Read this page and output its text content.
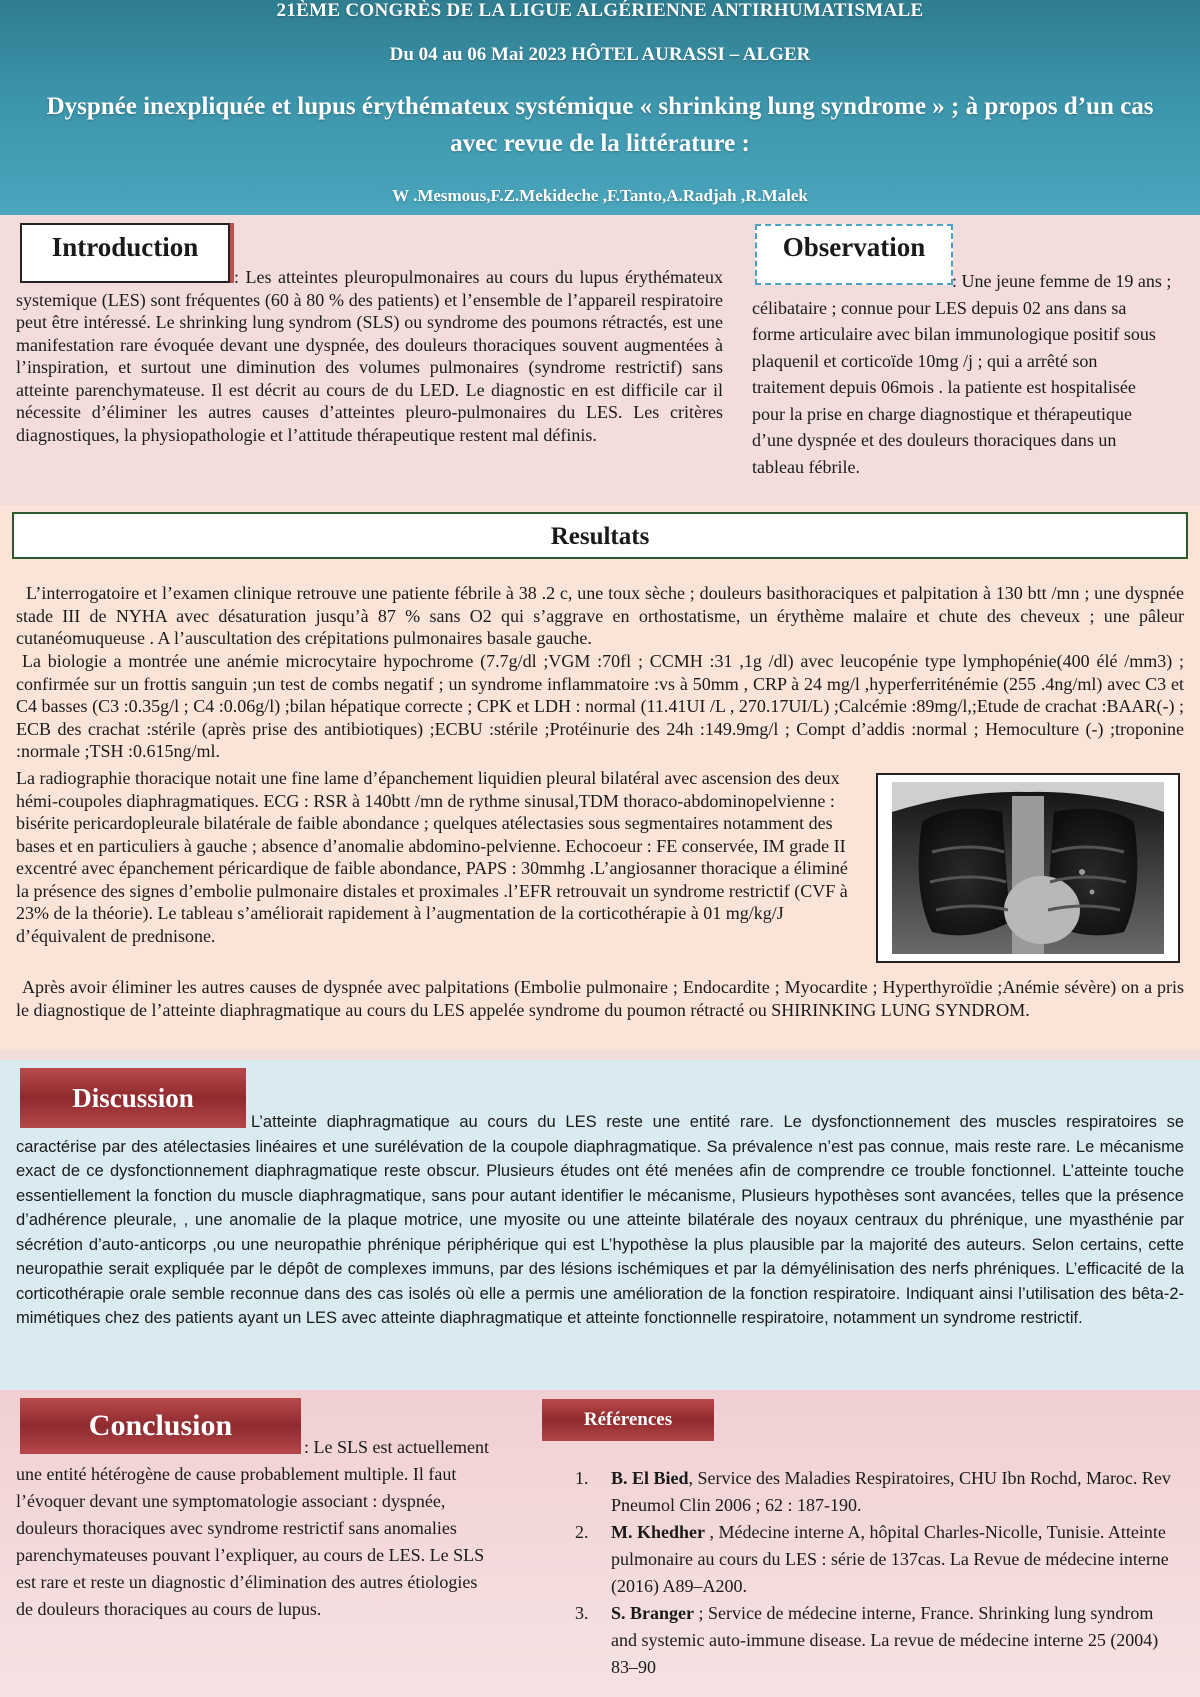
21ÈME CONGRÈS DE LA LIGUE ALGÉRIENNE ANTIRHUMATISMALE
Du 04 au 06 Mai 2023 HÔTEL AURASSI – ALGER
Dyspnée inexpliquée et lupus érythémateux systémique « shrinking lung syndrome » ; à propos d’un cas avec revue de la littérature :
W .Mesmous,F.Z.Mekideche ,F.Tanto,A.Radjah ,R.Malek
Introduction
: Les atteintes pleuropulmonaires au cours du lupus érythémateux systemique (LES) sont fréquentes (60 à 80 % des patients) et l’ensemble de l’appareil respiratoire peut être intéressé. Le shrinking lung syndrom (SLS) ou syndrome des poumons rétractés, est une manifestation rare évoquée devant une dyspnée, des douleurs thoraciques souvent augmentées à l’inspiration, et surtout une diminution des volumes pulmonaires (syndrome restrictif) sans atteinte parenchymateuse. Il est décrit au cours de du LED. Le diagnostic en est difficile car il nécessite d’éliminer les autres causes d’atteintes pleuro-pulmonaires du LES. Les critères diagnostiques, la physiopathologie et l’attitude thérapeutique restent mal définis.
Observation
: Une jeune femme de 19 ans ; célibataire ; connue pour LES depuis 02 ans dans sa forme articulaire avec bilan immunologique positif sous plaquenil et corticoïde 10mg /j ; qui a arrêté son traitement depuis 06mois . la patiente est hospitalisée pour la prise en charge diagnostique et thérapeutique d’une dyspnée et des douleurs thoraciques dans un tableau fébrile.
Resultats
L’interrogatoire et l’examen clinique retrouve une patiente fébrile à 38 .2 c, une toux sèche ; douleurs basithoraciques et palpitation à 130 btt /mn ; une dyspnée stade III de NYHA avec désaturation jusqu’à 87 % sans O2 qui s’aggrave en orthostatisme, un érythème malaire et chute des cheveux ; une pâleur cutanéomuqueuse . A l’auscultation des crépitations pulmonaires basale gauche.
La biologie a montrée une anémie microcytaire hypochrome (7.7g/dl ;VGM :70fl ; CCMH :31 ,1g /dl) avec leucopénie type lymphopénie(400 élé /mm3) ; confirmée sur un frottis sanguin ;un test de combs negatif ; un syndrome inflammatoire :vs à 50mm , CRP à 24 mg/l ,hyperferriténémie (255 .4ng/ml) avec C3 et C4 basses (C3 :0.35g/l ; C4 :0.06g/l) ;bilan hépatique correcte ; CPK et LDH : normal (11.41UI /L , 270.17UI/L) ;Calcémie :89mg/l,;Etude de crachat :BAAR(-) ; ECB des crachat :stérile (après prise des antibiotiques) ;ECBU :stérile ;Protéinurie des 24h :149.9mg/l ; Compt d’addis :normal ; Hemoculture (-) ;troponine :normale ;TSH :0.615ng/ml.
La radiographie thoracique notait une fine lame d’épanchement liquidien pleural bilatéral avec ascension des deux hémi-coupoles diaphragmatiques. ECG : RSR à 140btt /mn de rythme sinusal,TDM thoraco-abdominopelvienne : bisérite pericardopleurale bilatérale de faible abondance ; quelques atélectasies sous segmentaires notamment des bases et en particuliers à gauche ; absence d’anomalie abdomino-pelvienne. Echocoeur : FE conservée, IM grade II excentré avec épanchement péricardique de faible abondance, PAPS : 30mmhg .L’angiosanner thoracique a éliminé la présence des signes d’embolie pulmonaire distales et proximales .l’EFR retrouvait un syndrome restrictif (CVF à 23% de la théorie). Le tableau s’améliorait rapidement à l’augmentation de la corticothérapie à 01 mg/kg/J d’équivalent de prednisone.
Après avoir éliminer les autres causes de dyspnée avec palpitations (Embolie pulmonaire ; Endocardite ; Myocardite ; Hyperthyroïdie ;Anémie sévère) on a pris le diagnostique de l’atteinte diaphragmatique au cours du LES appelée syndrome du poumon rétracté ou SHIRINKING LUNG SYNDROM.
Discussion
L’atteinte diaphragmatique au cours du LES reste une entité rare. Le dysfonctionnement des muscles respiratoires se caractérise par des atélectasies linéaires et une surélévation de la coupole diaphragmatique. Sa prévalence n’est pas connue, mais reste rare. Le mécanisme exact de ce dysfonctionnement diaphragmatique reste obscur. Plusieurs études ont été menées afin de comprendre ce trouble fonctionnel. L’atteinte touche essentiellement la fonction du muscle diaphragmatique, sans pour autant identifier le mécanisme, Plusieurs hypothèses sont avancées, telles que la présence d’adhérence pleurale, , une anomalie de la plaque motrice, une myosite ou une atteinte bilatérale des noyaux centraux du phrénique, une myasthénie par sécrétion d’auto-anticorps ,ou une neuropathie phrénique périphérique qui est L’hypothèse la plus plausible par la majorité des auteurs. Selon certains, cette neuropathie serait expliquée par le dépôt de complexes immuns, par des lésions ischémiques et par la démyélinisation des nerfs phréniques. L’efficacité de la corticothérapie orale semble reconnue dans des cas isolés où elle a permis une amélioration de la fonction respiratoire. Indiquant ainsi l’utilisation des bêta-2-mimétiques chez des patients ayant un LES avec atteinte diaphragmatique et atteinte fonctionnelle respiratoire, notamment un syndrome restrictif.
Conclusion
: Le SLS est actuellement une entité hétérogène de cause probablement multiple. Il faut l’évoquer devant une symptomatologie associant : dyspnée, douleurs thoraciques avec syndrome restrictif sans anomalies parenchymateuses pouvant l’expliquer, au cours de LES. Le SLS est rare et reste un diagnostic d’élimination des autres étiologies de douleurs thoraciques au cours de lupus.
Références
1. B. El Bied, Service des Maladies Respiratoires, CHU Ibn Rochd, Maroc. Rev Pneumol Clin 2006 ; 62 : 187-190.
2. M. Khedher , Médecine interne A, hôpital Charles-Nicolle, Tunisie. Atteinte pulmonaire au cours du LES : série de 137cas. La Revue de médecine interne (2016) A89–A200.
3. S. Branger ; Service de médecine interne, France. Shrinking lung syndrom and systemic auto-immune disease. La revue de médecine interne 25 (2004) 83–90
